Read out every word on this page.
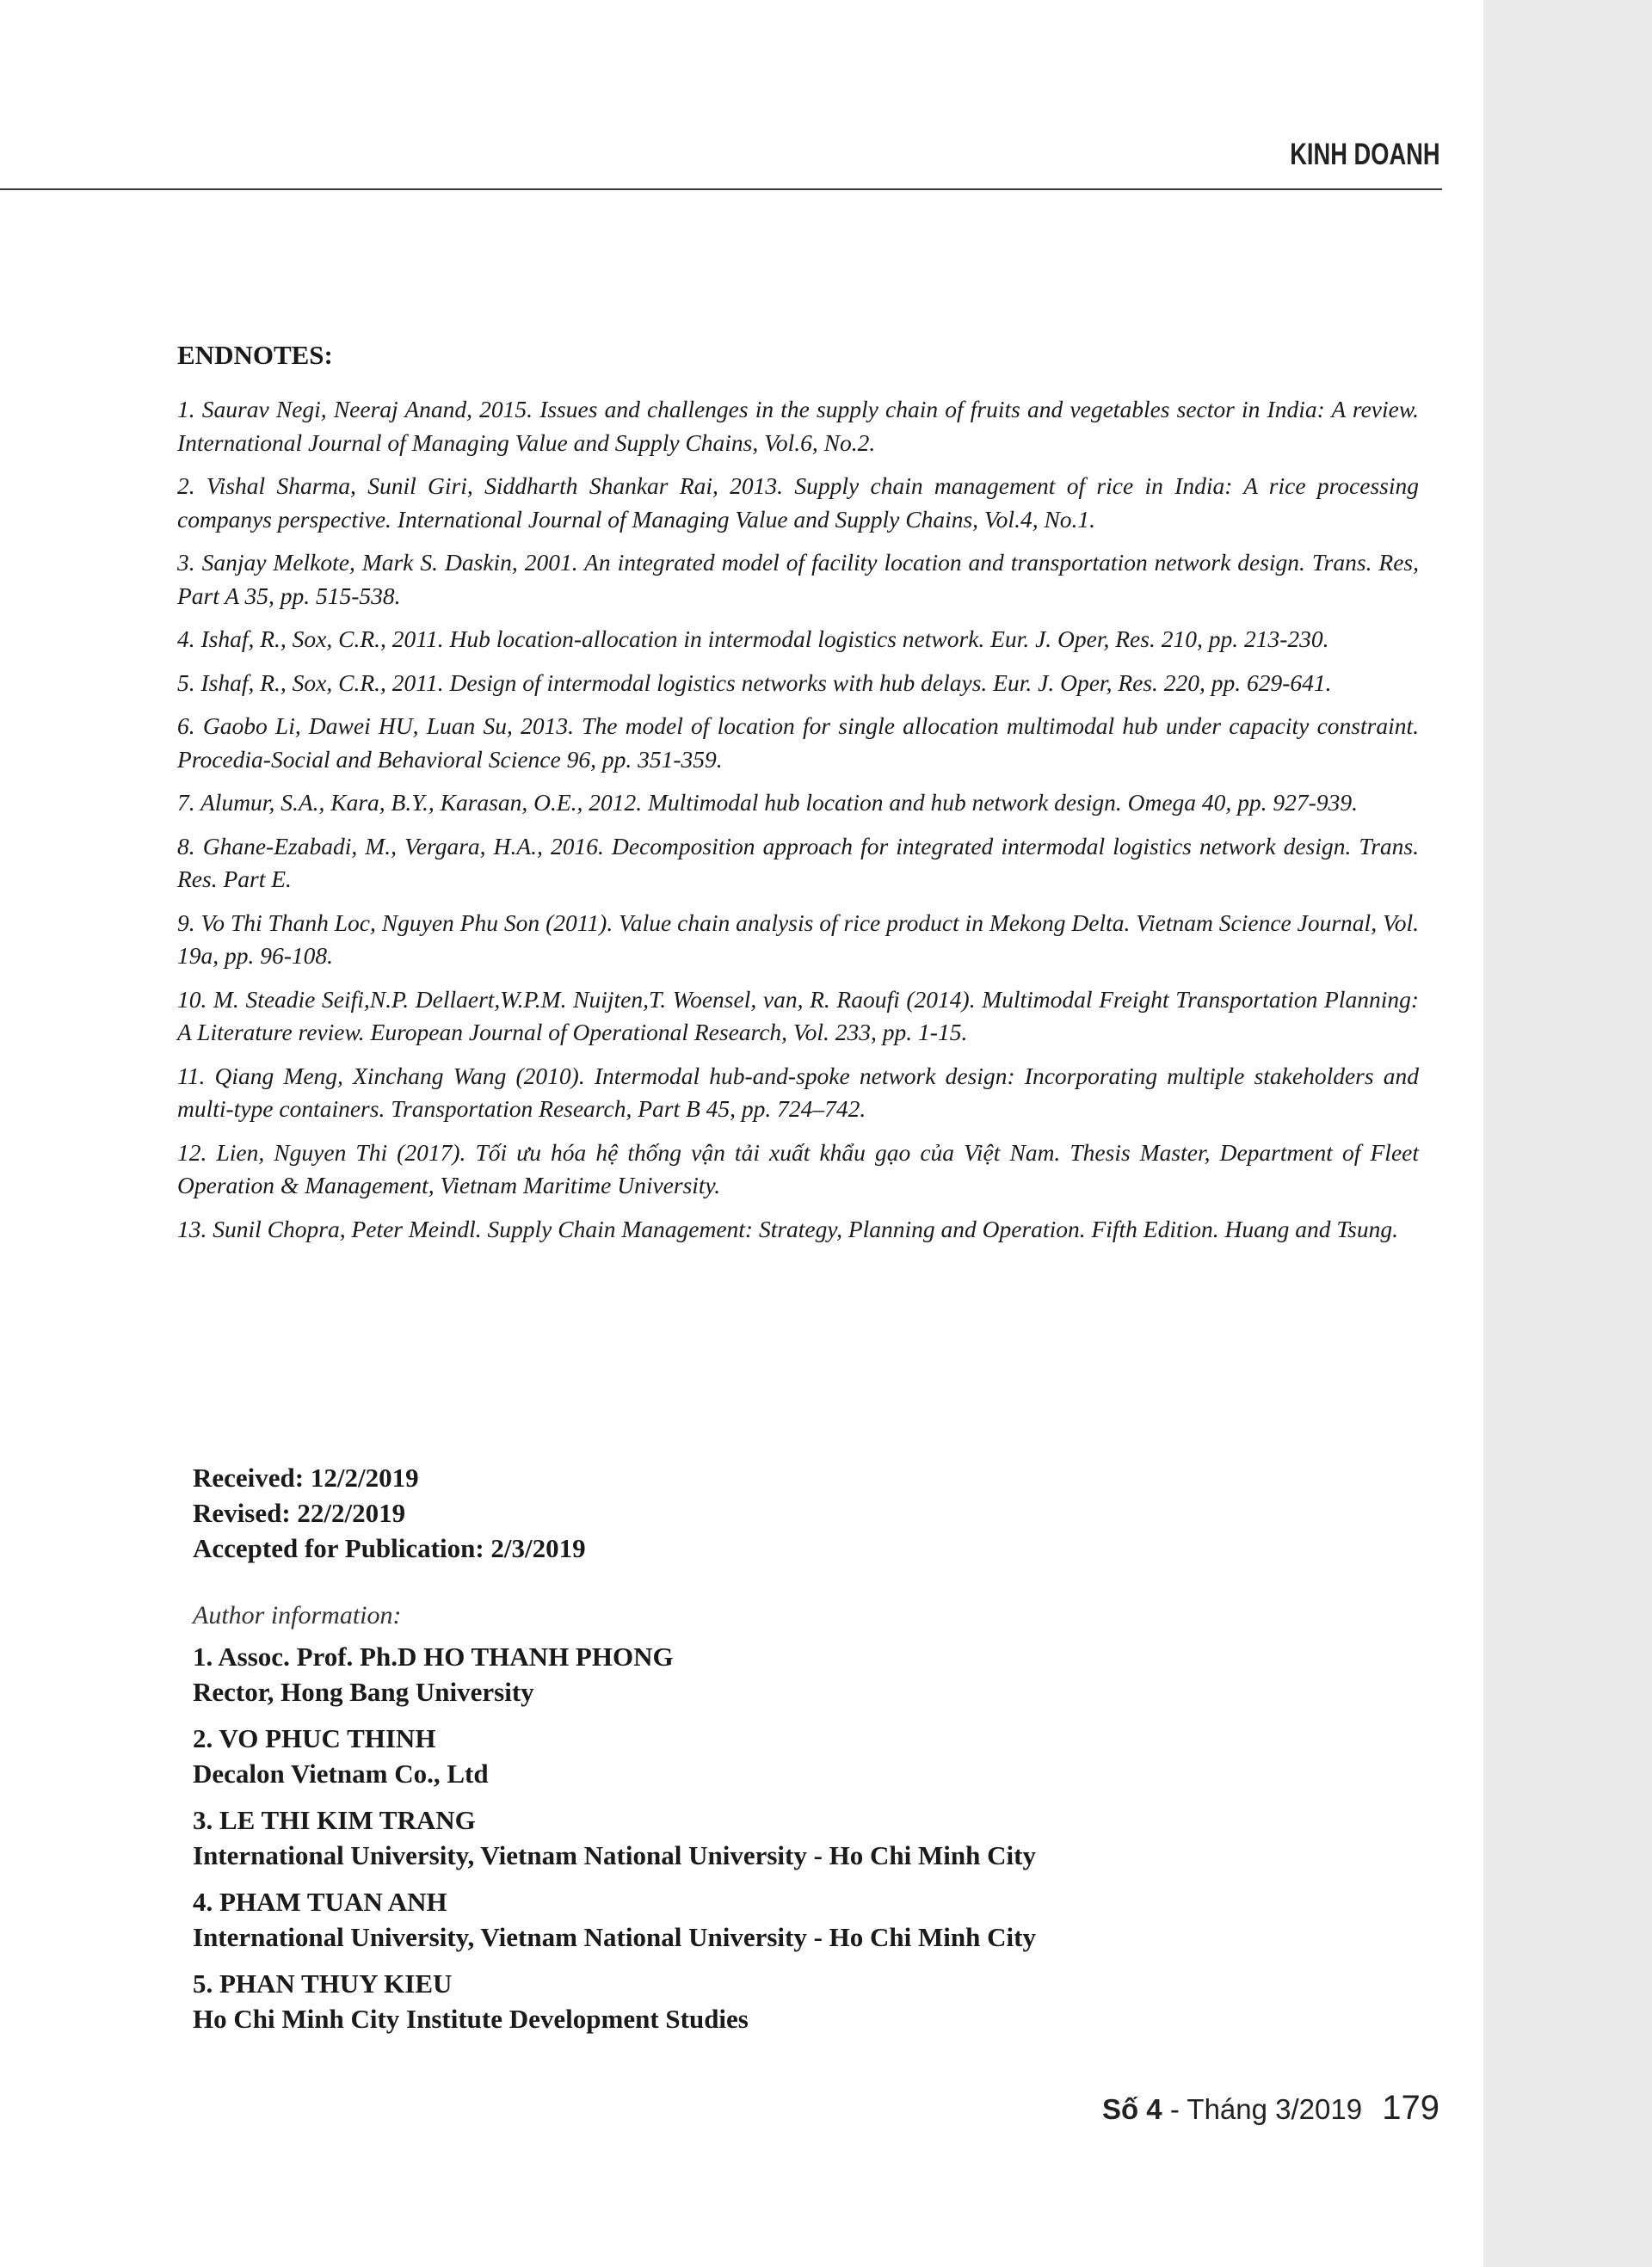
KINH DOANH
ENDNOTES:

1. Saurav Negi, Neeraj Anand, 2015. Issues and challenges in the supply chain of fruits and vegetables sector in India: A review. International Journal of Managing Value and Supply Chains, Vol.6, No.2.

2. Vishal Sharma, Sunil Giri, Siddharth Shankar Rai, 2013. Supply chain management of rice in India: A rice processing companys perspective. International Journal of Managing Value and Supply Chains, Vol.4, No.1.

3. Sanjay Melkote, Mark S. Daskin, 2001. An integrated model of facility location and transportation network design. Trans. Res, Part A 35, pp. 515-538.

4. Ishaf, R., Sox, C.R., 2011. Hub location-allocation in intermodal logistics network. Eur. J. Oper, Res. 210, pp. 213-230.

5. Ishaf, R., Sox, C.R., 2011. Design of intermodal logistics networks with hub delays. Eur. J. Oper, Res. 220, pp. 629-641.

6. Gaobo Li, Dawei HU, Luan Su, 2013. The model of location for single allocation multimodal hub under capacity constraint. Procedia-Social and Behavioral Science 96, pp. 351-359.

7. Alumur, S.A., Kara, B.Y., Karasan, O.E., 2012. Multimodal hub location and hub network design. Omega 40, pp. 927-939.

8. Ghane-Ezabadi, M., Vergara, H.A., 2016. Decomposition approach for integrated intermodal logistics network design. Trans. Res. Part E.

9. Vo Thi Thanh Loc, Nguyen Phu Son (2011). Value chain analysis of rice product in Mekong Delta. Vietnam Science Journal, Vol. 19a, pp. 96-108.

10. M. Steadie Seifi,N.P. Dellaert,W.P.M. Nuijten,T. Woensel, van, R. Raoufi (2014). Multimodal Freight Transportation Planning: A Literature review. European Journal of Operational Research, Vol. 233, pp. 1-15.

11. Qiang Meng, Xinchang Wang (2010). Intermodal hub-and-spoke network design: Incorporating multiple stakeholders and multi-type containers. Transportation Research, Part B 45, pp. 724–742.

12. Lien, Nguyen Thi (2017). Tối ưu hóa hệ thống vận tải xuất khẩu gạo của Việt Nam. Thesis Master, Department of Fleet Operation & Management, Vietnam Maritime University.

13. Sunil Chopra, Peter Meindl. Supply Chain Management: Strategy, Planning and Operation. Fifth Edition. Huang and Tsung.

Received: 12/2/2019
Revised: 22/2/2019
Accepted for Publication: 2/3/2019
Author information:
1. Assoc. Prof. Ph.D HO THANH PHONG
Rector, Hong Bang University
2. VO PHUC THINH
Decalon Vietnam Co., Ltd
3. LE THI KIM TRANG
International University, Vietnam National University - Ho Chi Minh City
4. PHAM TUAN ANH
International University, Vietnam National University - Ho Chi Minh City
5. PHAN THUY KIEU
Ho Chi Minh City Institute Development Studies
Số 4 - Tháng 3/2019 179
